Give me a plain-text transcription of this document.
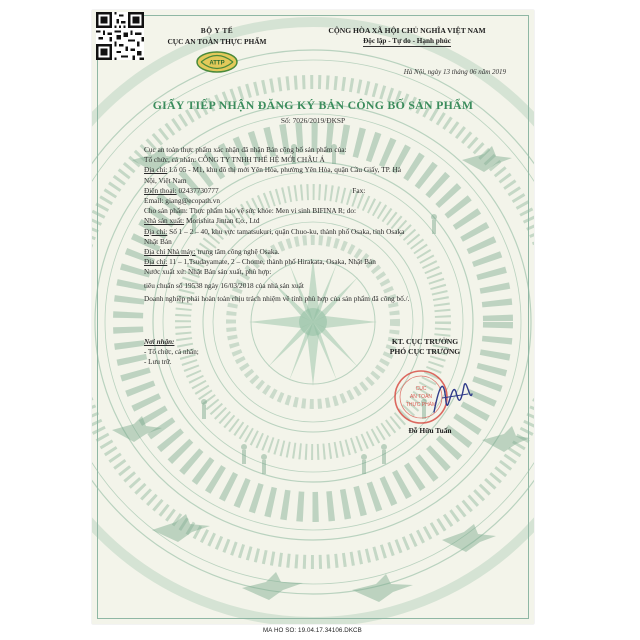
BỘ Y TẾ
CỤC AN TOÀN THỰC PHẨM
ATTP
CỘNG HÒA XÃ HỘI CHỦ NGHĨA VIỆT NAM
Độc lập - Tự do - Hạnh phúc
Hà Nội, ngày 13 tháng 06 năm 2019
GIẤY TIẾP NHẬN ĐĂNG KÝ BẢN CÔNG BỐ SẢN PHẨM
Số: 7026/2019/ĐKSP

Cục an toàn thực phẩm xác nhận đã nhận Bản công bố sản phẩm của:

Tổ chức, cá nhân: CÔNG TY TNHH THẾ HỆ MỚI CHÂU Á

Địa chỉ: Lô 05 - M1, khu đô thị mới Yên Hòa, phường Yên Hòa, quận Cầu Giấy, TP. Hà

Nội, Việt Nam

Điện thoại: 02437730777	Fax:

Email: giang@ecopath.vn

Cho sản phẩm: Thực phẩm bảo vệ sức khỏe: Men vi sinh BIFINA R; do:

Nhà sản xuất: Morishita Jintan Co., Ltd

Địa chỉ: Số 1 – 2 – 40, khu vực tamatsukuri, quận Chuo-ku, thành phố Osaka, tỉnh Osaka

Nhật Bản

Địa chỉ Nhà máy: trung tâm công nghệ Osaka.

Địa chỉ: 11 – 1,Tsudayamate, 2 – Chome, thành phố Hirakata, Osaka, Nhật Bản

Nước xuất xứ: Nhật Bản sản xuất, phù hợp:

tiêu chuẩn số 19538 ngày 16/03/2018 của nhà sản xuất

Doanh nghiệp phải hoàn toàn chịu trách nhiệm về tính phù hợp của sản phẩm đã công bố./.

Nơi nhận:
- Tổ chức, cá nhân;
- Lưu trữ.
KT. CỤC TRƯỞNG
PHÓ CỤC TRƯỞNG
CỤC
AN TOÀN
THỰC PHẨM
Đỗ Hữu Tuấn
MA HO SO: 19.04.17.34106.DKCB
